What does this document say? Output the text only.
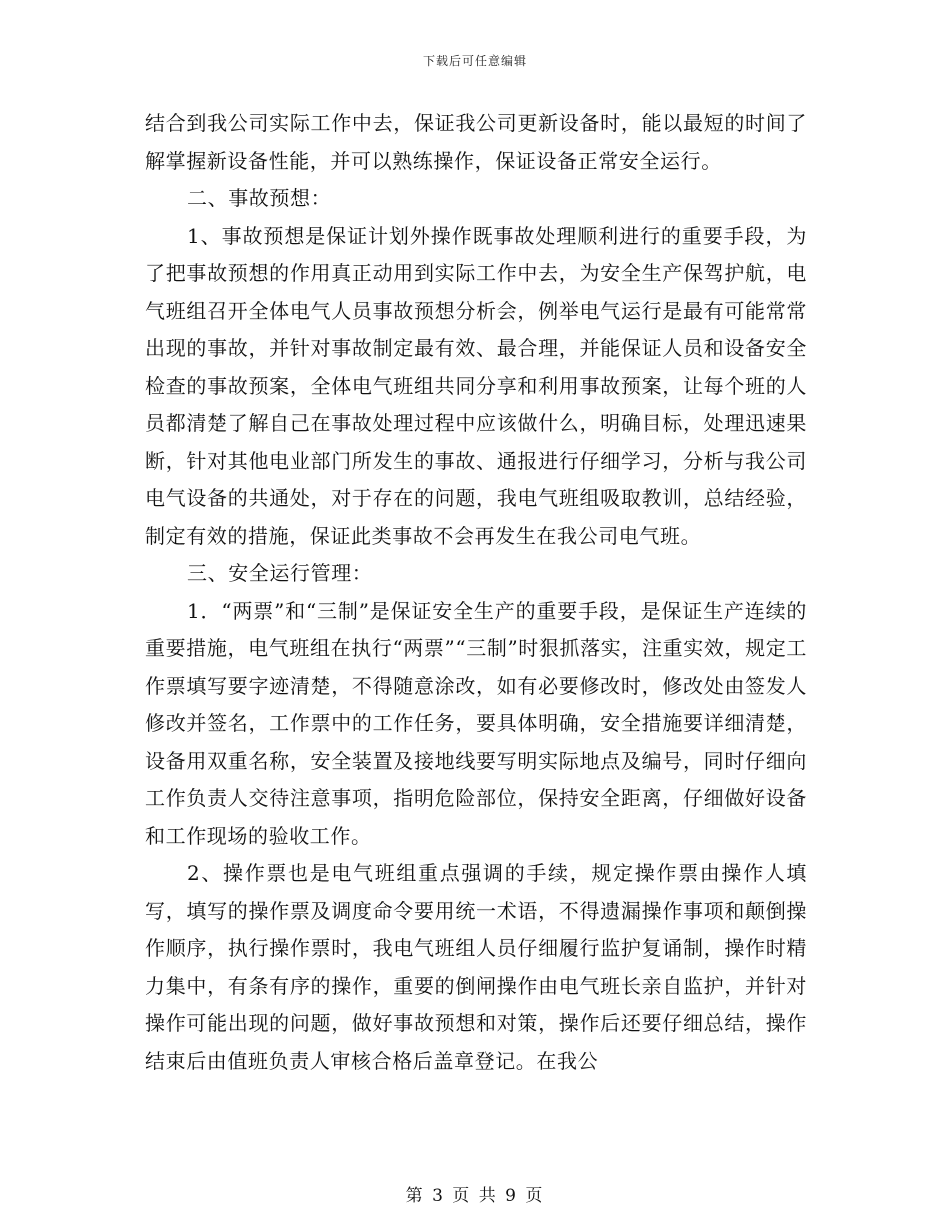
下载后可任意编辑

结合到我公司实际工作中去，保证我公司更新设备时，能以最短的时间了解掌握新设备性能，并可以熟练操作，保证设备正常安全运行。

二、事故预想：

1、事故预想是保证计划外操作既事故处理顺利进行的重要手段，为了把事故预想的作用真正动用到实际工作中去，为安全生产保驾护航，电气班组召开全体电气人员事故预想分析会，例举电气运行是最有可能常常出现的事故，并针对事故制定最有效、最合理，并能保证人员和设备安全检查的事故预案，全体电气班组共同分享和利用事故预案，让每个班的人员都清楚了解自己在事故处理过程中应该做什么，明确目标，处理迅速果断，针对其他电业部门所发生的事故、通报进行仔细学习，分析与我公司电气设备的共通处，对于存在的问题，我电气班组吸取教训，总结经验，制定有效的措施，保证此类事故不会再发生在我公司电气班。

三、安全运行管理：

1．“两票”和“三制”是保证安全生产的重要手段，是保证生产连续的重要措施，电气班组在执行“两票”“三制”时狠抓落实，注重实效，规定工作票填写要字迹清楚，不得随意涂改，如有必要修改时，修改处由签发人修改并签名，工作票中的工作任务，要具体明确，安全措施要详细清楚，设备用双重名称，安全装置及接地线要写明实际地点及编号，同时仔细向工作负责人交待注意事项，指明危险部位，保持安全距离，仔细做好设备和工作现场的验收工作。

2、操作票也是电气班组重点强调的手续，规定操作票由操作人填写，填写的操作票及调度命令要用统一术语，不得遗漏操作事项和颠倒操作顺序，执行操作票时，我电气班组人员仔细履行监护复诵制，操作时精力集中，有条有序的操作，重要的倒闸操作由电气班长亲自监护，并针对操作可能出现的问题，做好事故预想和对策，操作后还要仔细总结，操作结束后由值班负责人审核合格后盖章登记。在我公

第 3 页 共 9 页
